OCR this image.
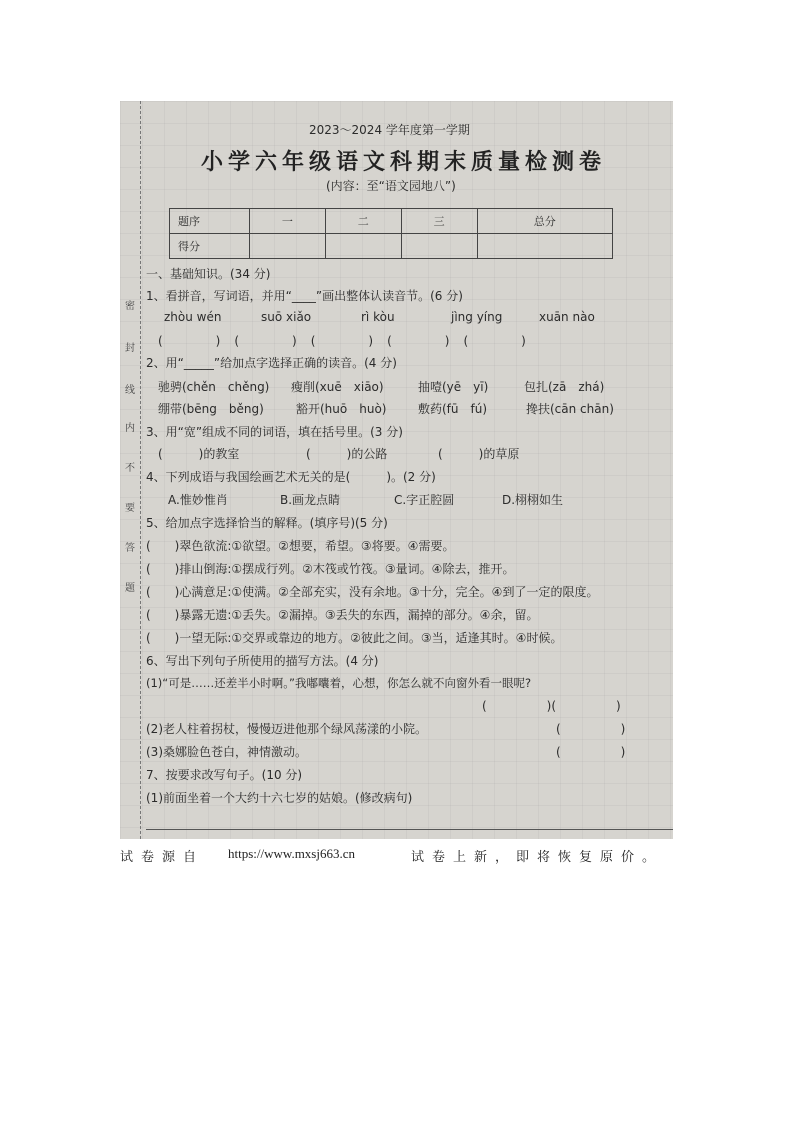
密
封
线
内
不
要
答
题
2023～2024 学年度第一学期
小学六年级语文科期末质量检测卷
(内容：至“语文园地八”)
题序	一	二	三	总分
得分				
一、基础知识。(34 分)
1、看拼音，写词语，并用“____”画出整体认读音节。(6 分)
zhòu wén	suō xiǎo	rì kòu	jìng yíng	xuān nào
(　　　　)　(　　　　)　(　　　　)　(　　　　)　(　　　　)
2、用“_____”给加点字选择正确的读音。(4 分)
驰骋(chěn　chěng) 瘦削(xuē　xiāo)	抽噎(yē　yī)	包扎(zā　zhá)
绷带(bēng　běng)	豁开(huō　huò)	敷药(fū　fú)	搀扶(cān chān)
3、用“宽”组成不同的词语，填在括号里。(3 分)
(　　　)的教室	(　　　)的公路	(　　　)的草原
4、下列成语与我国绘画艺术无关的是(　　　)。(2 分)
A.惟妙惟肖	B.画龙点睛	C.字正腔圆	D.栩栩如生
5、给加点字选择恰当的解释。(填序号)(5 分)
(　　)翠色欲流:①欲望。②想要，希望。③将要。④需要。
(　　)排山倒海:①摆成行列。②木筏或竹筏。③量词。④除去，推开。
(　　)心满意足:①使满。②全部充实，没有余地。③十分，完全。④到了一定的限度。
(　　)暴露无遗:①丢失。②漏掉。③丢失的东西，漏掉的部分。④余，留。
(　　)一望无际:①交界或靠边的地方。②彼此之间。③当，适逢其时。④时候。
6、写出下列句子所使用的描写方法。(4 分)
(1)“可是……还差半小时啊。”我嘟囔着，心想，你怎么就不向窗外看一眼呢?
(　　　　　)(　　　　　)
(2)老人柱着拐杖，慢慢迈进他那个绿风荡漾的小院。	(　　　　　)
(3)桑娜脸色苍白，神情激动。	(　　　　　)
7、按要求改写句子。(10 分)
(1)前面坐着一个大约十六七岁的姑娘。(修改病句)
试卷源自 https://www.mxsj663.cn	试卷上新，即将恢复原价。
